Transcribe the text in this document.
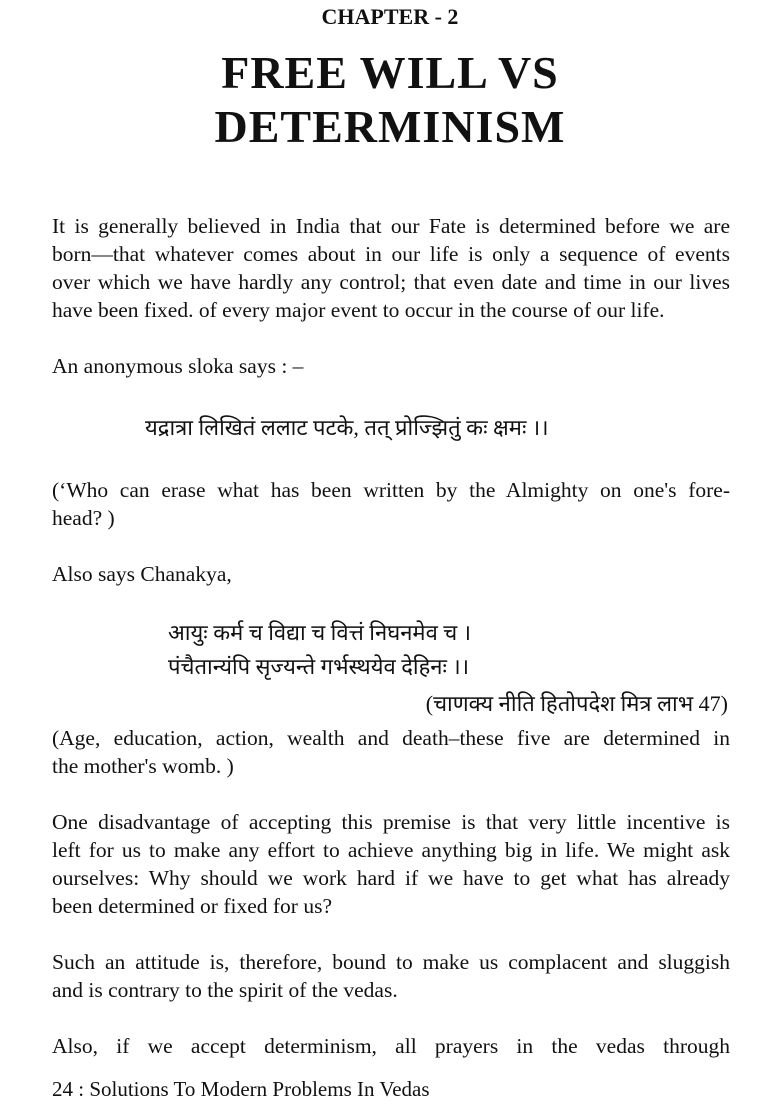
CHAPTER - 2
FREE WILL VS
DETERMINISM
It is generally believed in India that our Fate is determined before we are
born—that whatever comes about in our life is only a sequence of events
over which we have hardly any control; that even date and time in our lives
have been fixed. of every major event to occur in the course of our life.
An anonymous sloka says : –
यद्रात्रा लिखितं ललाट पटके, तत् प्रोज्झितुं कः क्षमः ।।
(‘Who can erase what has been written by the Almighty on one's fore-
head? )
Also says Chanakya,
आयुः कर्म च विद्या च वित्तं निघनमेव च ।
पंचैतान्यंपि सृज्यन्ते गर्भस्थयेव देहिनः ।।
(चाणक्य नीति हितोपदेश मित्र लाभ 47)
(Age, education, action, wealth and death–these five are determined in
the mother's womb. )
One disadvantage of accepting this premise is that very little incentive is
left for us to make any effort to achieve anything big in life. We might ask
ourselves: Why should we work hard if we have to get what has already
been determined or fixed for us?
Such an attitude is, therefore, bound to make us complacent and sluggish
and is contrary to the spirit of the vedas.
Also, if we accept determinism, all prayers in the vedas through
24 : Solutions To Modern Problems In Vedas
